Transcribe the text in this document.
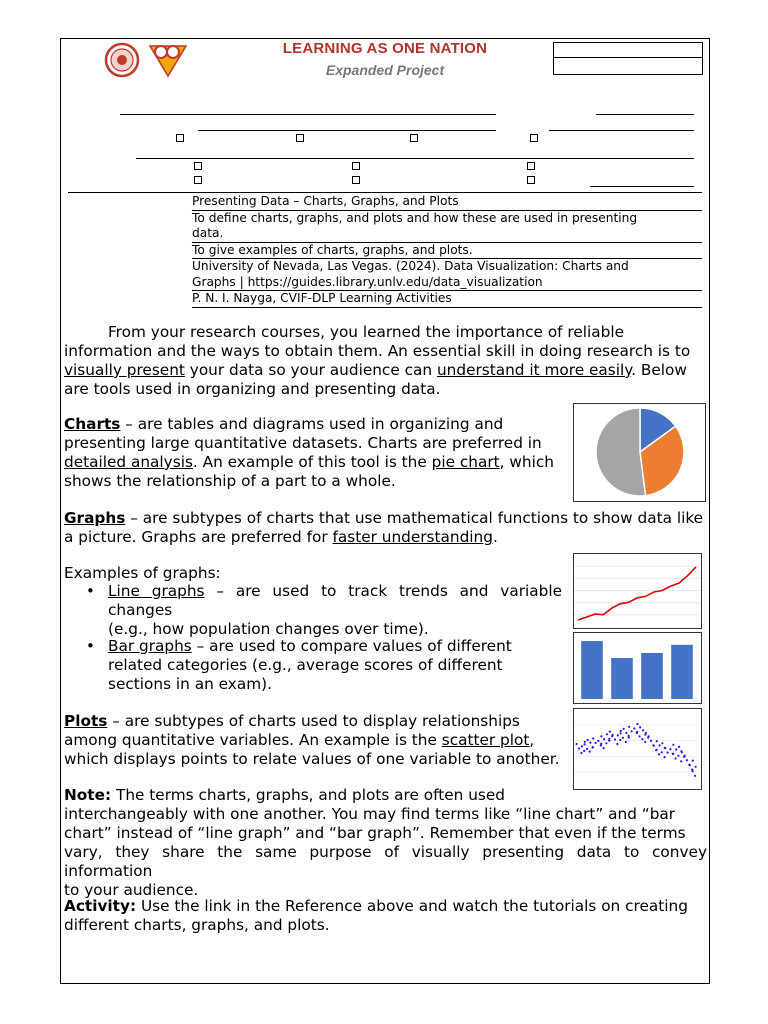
LEARNING AS ONE NATION
Expanded Project
Presenting Data – Charts, Graphs, and Plots
To define charts, graphs, and plots and how these are used in presenting
data.
To give examples of charts, graphs, and plots.
University of Nevada, Las Vegas. (2024). Data Visualization: Charts and
Graphs | https://guides.library.unlv.edu/data_visualization
P. N. I. Nayga, CVIF-DLP Learning Activities
From your research courses, you learned the importance of reliable
information and the ways to obtain them. An essential skill in doing research is to
visually present your data so your audience can understand it more easily. Below
are tools used in organizing and presenting data.
Charts – are tables and diagrams used in organizing and
presenting large quantitative datasets. Charts are preferred in
detailed analysis. An example of this tool is the pie chart, which
shows the relationship of a part to a whole.
Graphs – are subtypes of charts that use mathematical functions to show data like
a picture. Graphs are preferred for faster understanding.
Examples of graphs:
• Line graphs – are used to track trends and variable changes
(e.g., how population changes over time).
• Bar graphs – are used to compare values of different
related categories (e.g., average scores of different
sections in an exam).
Plots – are subtypes of charts used to display relationships
among quantitative variables. An example is the scatter plot,
which displays points to relate values of one variable to another.
Note: The terms charts, graphs, and plots are often used
interchangeably with one another. You may find terms like “line chart” and “bar
chart” instead of “line graph” and “bar graph”. Remember that even if the terms
vary, they share the same purpose of visually presenting data to convey information
to your audience.
Activity: Use the link in the Reference above and watch the tutorials on creating
different charts, graphs, and plots.
